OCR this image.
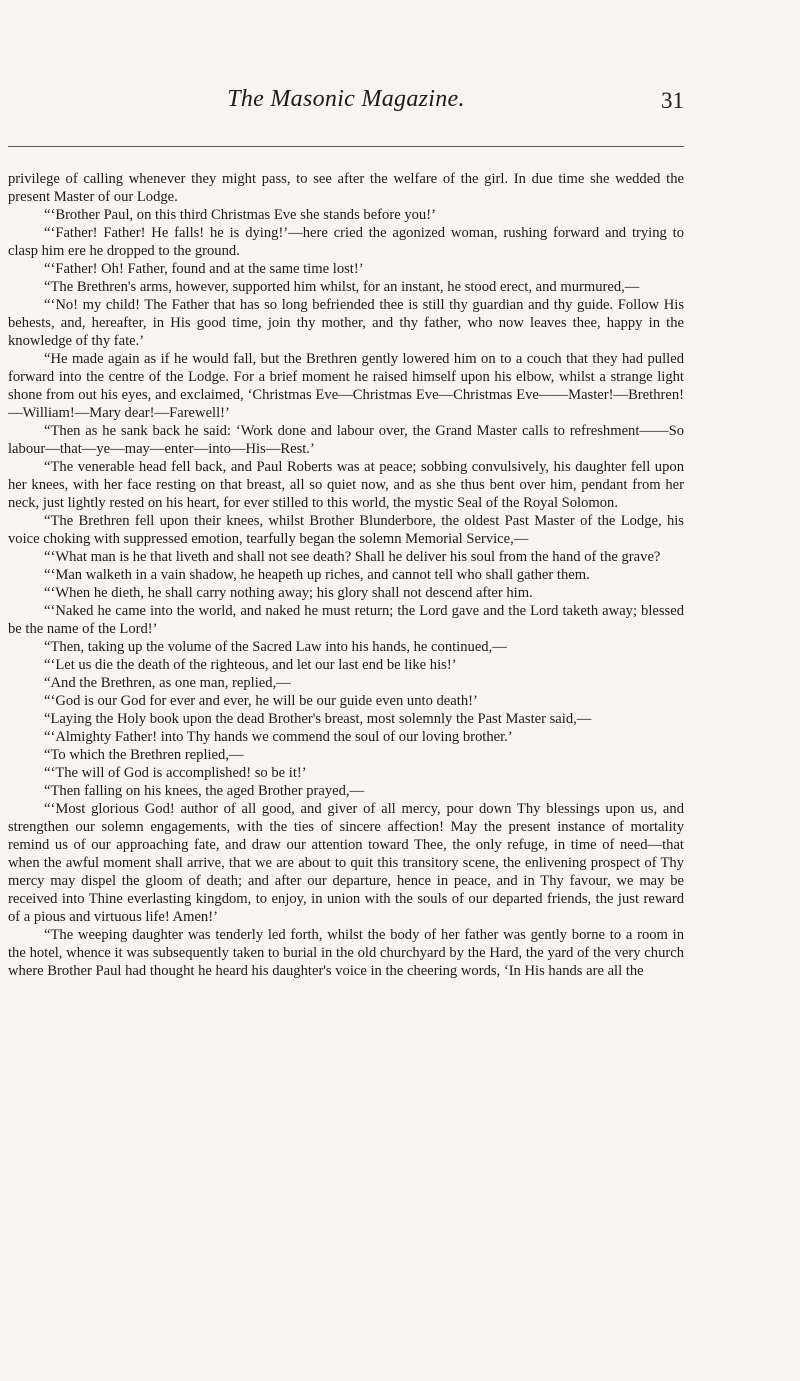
The Masonic Magazine.	31

privilege of calling whenever they might pass, to see after the welfare of the girl. In due time she wedded the present Master of our Lodge.

“‘Brother Paul, on this third Christmas Eve she stands before you!’

“‘Father! Father! He falls! he is dying!’—here cried the agonized woman, rushing forward and trying to clasp him ere he dropped to the ground.

“‘Father! Oh! Father, found and at the same time lost!’

“The Brethren's arms, however, supported him whilst, for an instant, he stood erect, and murmured,—

“‘No! my child! The Father that has so long befriended thee is still thy guardian and thy guide. Follow His behests, and, hereafter, in His good time, join thy mother, and thy father, who now leaves thee, happy in the knowledge of thy fate.’

“He made again as if he would fall, but the Brethren gently lowered him on to a couch that they had pulled forward into the centre of the Lodge. For a brief moment he raised himself upon his elbow, whilst a strange light shone from out his eyes, and exclaimed, ‘Christmas Eve—Christmas Eve—Christmas Eve——Master!—Brethren!—William!—Mary dear!—Farewell!’

“Then as he sank back he said: ‘Work done and labour over, the Grand Master calls to refreshment——So labour—that—ye—may—enter—into—His—Rest.’

“The venerable head fell back, and Paul Roberts was at peace; sobbing convulsively, his daughter fell upon her knees, with her face resting on that breast, all so quiet now, and as she thus bent over him, pendant from her neck, just lightly rested on his heart, for ever stilled to this world, the mystic Seal of the Royal Solomon.

“The Brethren fell upon their knees, whilst Brother Blunderbore, the oldest Past Master of the Lodge, his voice choking with suppressed emotion, tearfully began the solemn Memorial Service,—

“‘What man is he that liveth and shall not see death? Shall he deliver his soul from the hand of the grave?

“‘Man walketh in a vain shadow, he heapeth up riches, and cannot tell who shall gather them.

“‘When he dieth, he shall carry nothing away; his glory shall not descend after him.

“‘Naked he came into the world, and naked he must return; the Lord gave and the Lord taketh away; blessed be the name of the Lord!’

“Then, taking up the volume of the Sacred Law into his hands, he continued,—

“‘Let us die the death of the righteous, and let our last end be like his!’

“And the Brethren, as one man, replied,—

“‘God is our God for ever and ever, he will be our guide even unto death!’

“Laying the Holy book upon the dead Brother's breast, most solemnly the Past Master said,—

“‘Almighty Father! into Thy hands we commend the soul of our loving brother.’

“To which the Brethren replied,—

“‘The will of God is accomplished! so be it!’

“Then falling on his knees, the aged Brother prayed,—

“‘Most glorious God! author of all good, and giver of all mercy, pour down Thy blessings upon us, and strengthen our solemn engagements, with the ties of sincere affection! May the present instance of mortality remind us of our approaching fate, and draw our attention toward Thee, the only refuge, in time of need—that when the awful moment shall arrive, that we are about to quit this transitory scene, the enlivening prospect of Thy mercy may dispel the gloom of death; and after our departure, hence in peace, and in Thy favour, we may be received into Thine everlasting kingdom, to enjoy, in union with the souls of our departed friends, the just reward of a pious and virtuous life! Amen!’

“The weeping daughter was tenderly led forth, whilst the body of her father was gently borne to a room in the hotel, whence it was subsequently taken to burial in the old churchyard by the Hard, the yard of the very church where Brother Paul had thought he heard his daughter's voice in the cheering words, ‘In His hands are all the
